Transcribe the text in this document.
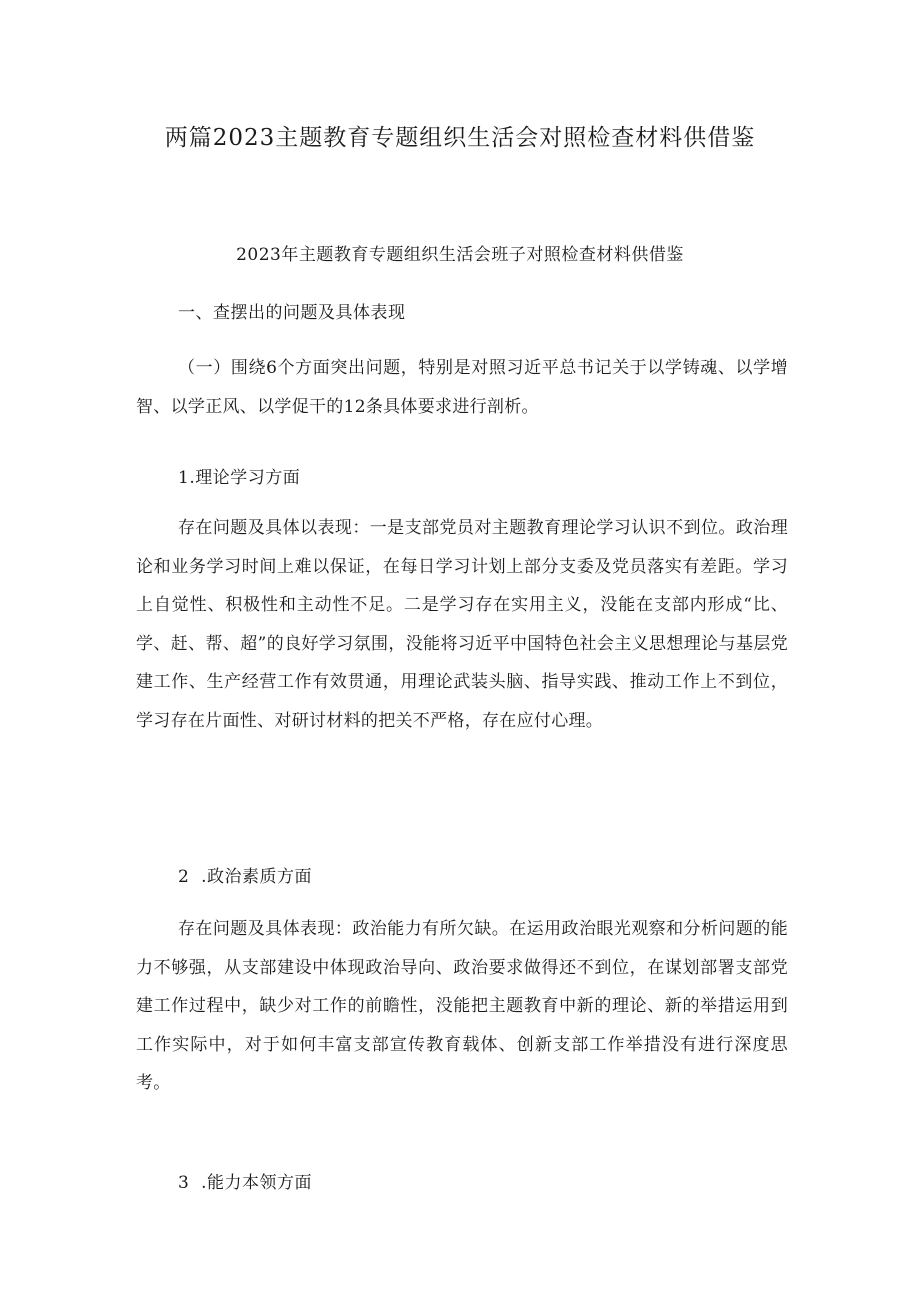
两篇2023主题教育专题组织生活会对照检查材料供借鉴
2023年主题教育专题组织生活会班子对照检查材料供借鉴

一、查摆出的问题及具体表现

（一）围绕6个方面突出问题，特别是对照习近平总书记关于以学铸魂、以学增智、以学正风、以学促干的12条具体要求进行剖析。

1.理论学习方面

存在问题及具体以表现：一是支部党员对主题教育理论学习认识不到位。政治理论和业务学习时间上难以保证，在每日学习计划上部分支委及党员落实有差距。学习上自觉性、积极性和主动性不足。二是学习存在实用主义，没能在支部内形成“比、学、赶、帮、超”的良好学习氛围，没能将习近平中国特色社会主义思想理论与基层党建工作、生产经营工作有效贯通，用理论武装头脑、指导实践、推动工作上不到位，学习存在片面性、对研讨材料的把关不严格，存在应付心理。

2  .政治素质方面

存在问题及具体表现：政治能力有所欠缺。在运用政治眼光观察和分析问题的能力不够强，从支部建设中体现政治导向、政治要求做得还不到位，在谋划部署支部党建工作过程中，缺少对工作的前瞻性，没能把主题教育中新的理论、新的举措运用到工作实际中，对于如何丰富支部宣传教育载体、创新支部工作举措没有进行深度思考。

3  .能力本领方面
